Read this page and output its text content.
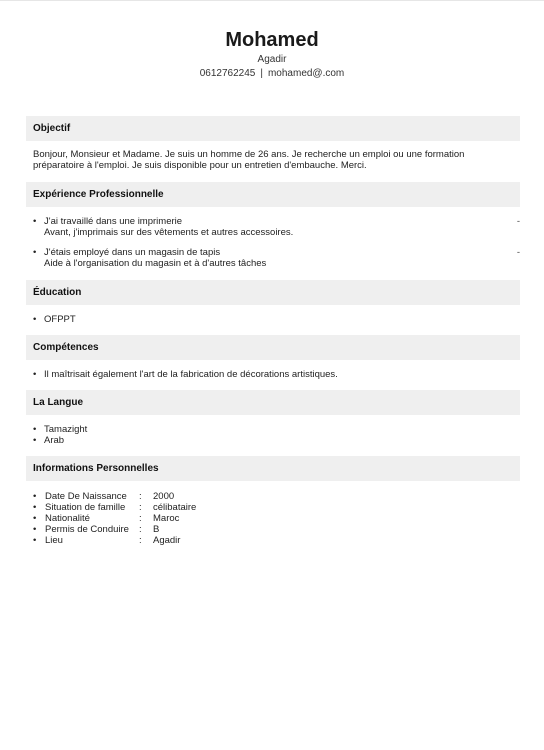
Mohamed
Agadir
0612762245 | mohamed@.com
Objectif
Bonjour, Monsieur et Madame. Je suis un homme de 26 ans. Je recherche un emploi ou une formation préparatoire à l'emploi. Je suis disponible pour un entretien d'embauche. Merci.
Expérience Professionnelle
• J'ai travaillé dans une imprimerie
Avant, j'imprimais sur des vêtements et autres accessoires.
-
• J'étais employé dans un magasin de tapis
Aide à l'organisation du magasin et à d'autres tâches
-
Éducation
• OFPPT
Compétences
• Il maîtrisait également l'art de la fabrication de décorations artistiques.
La Langue
• Tamazight
• Arab
Informations Personnelles
•	Date De Naissance	:	2000
•	Situation de famille	:	célibataire
•	Nationalité	:	Maroc
•	Permis de Conduire	:	B
•	Lieu	:	Agadir
